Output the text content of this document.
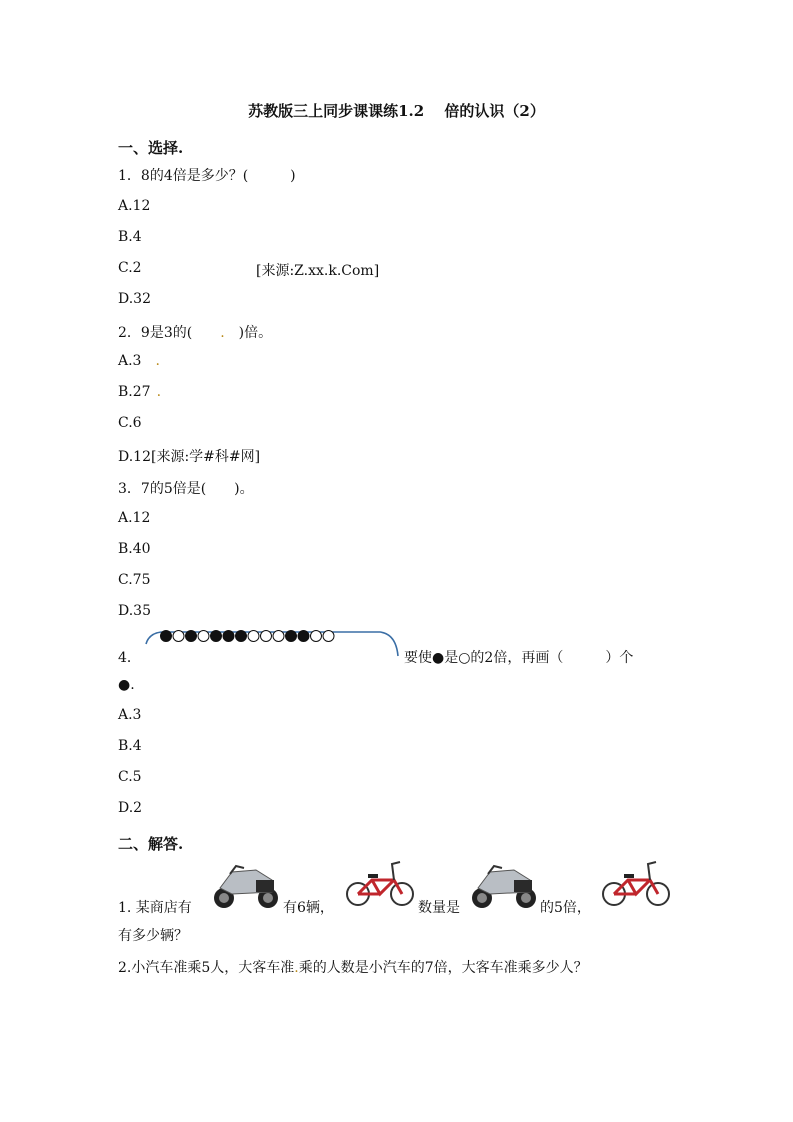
苏教版三上同步课课练1.2　 倍的认识（2）
一、选择.
1．8的4倍是多少？(　　　)
A.12
B.4
C.2	[来源:Z.xx.k.Com]
D.32
2．9是3的(　　.　)倍。
A.3 .
B.27 .
C.6
D.12[来源:学#科#网]
3．7的5倍是(　　)。
A.12
B.40
C.75
D.35
4．	要使●是○的2倍，再画（　　　）个
●.
A.3
B.4
C.5
D.2
二、解答.
1. 某商店有	有6辆，	数量是	的5倍，
有多少辆？
2.小汽车准乘5人，大客车准.乘的人数是小汽车的7倍，大客车准乘多少人？
